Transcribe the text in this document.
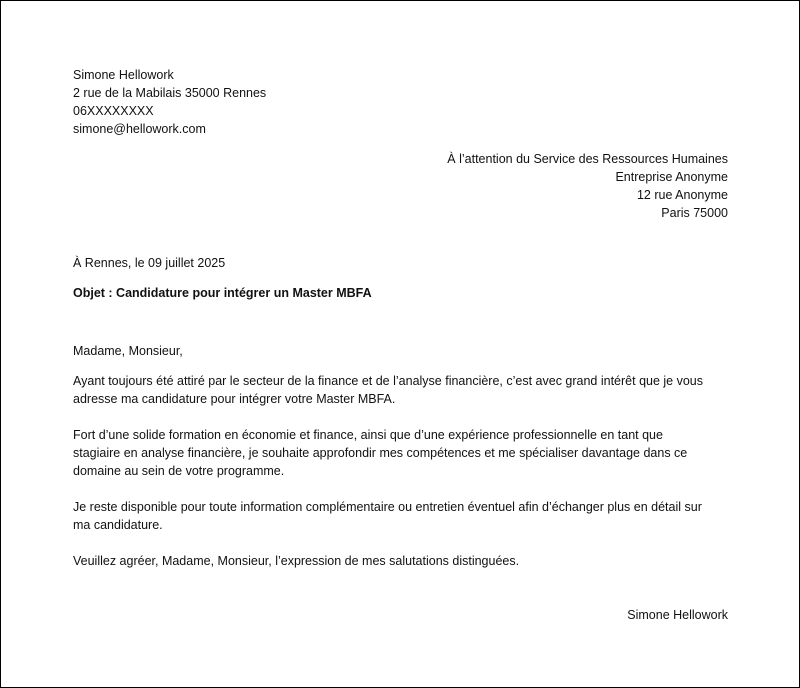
Simone Hellowork
2 rue de la Mabilais 35000 Rennes
06XXXXXXXX
simone@hellowork.com
À l’attention du Service des Ressources Humaines
Entreprise Anonyme
12 rue Anonyme
Paris 75000
À Rennes, le 09 juillet 2025
Objet : Candidature pour intégrer un Master MBFA
Madame, Monsieur,
Ayant toujours été attiré par le secteur de la finance et de l’analyse financière, c’est avec grand intérêt que je vous
adresse ma candidature pour intégrer votre Master MBFA.
Fort d’une solide formation en économie et finance, ainsi que d’une expérience professionnelle en tant que
stagiaire en analyse financière, je souhaite approfondir mes compétences et me spécialiser davantage dans ce
domaine au sein de votre programme.
Je reste disponible pour toute information complémentaire ou entretien éventuel afin d’échanger plus en détail sur
ma candidature.
Veuillez agréer, Madame, Monsieur, l’expression de mes salutations distinguées.
Simone Hellowork
